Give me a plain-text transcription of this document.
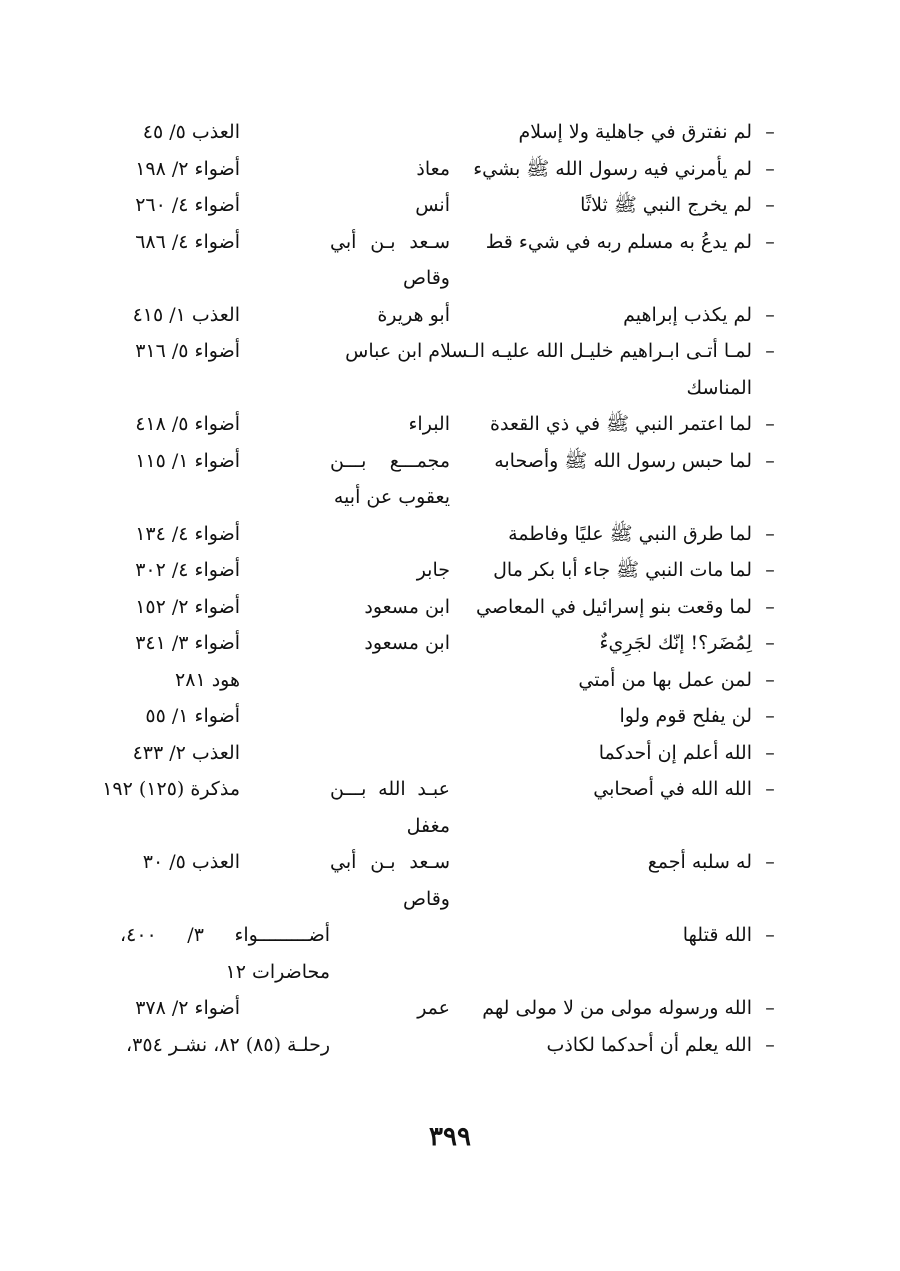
–
لم نفترق في جاهلية ولا إسلام
العذب ٥/ ٤٥
–
لم يأمرني فيه رسول الله ﷺ بشيء
معاذ
أضواء ٢/ ١٩٨
–
لم يخرج النبي ﷺ ثلاثًا
أنس
أضواء ٤/ ٢٦٠
–
لم يدعُ به مسلم ربه في شيء قط
سـعد بـن أبي
أضواء ٤/ ٦٨٦
وقاص
–
لم يكذب إبراهيم
أبو هريرة
العذب ١/ ٤١٥
–
لمـا أتـى ابـراهيم خليـل الله عليـه الـسلام ابن عباس
أضواء ٥/ ٣١٦
المناسك
–
لما اعتمر النبي ﷺ في ذي القعدة
البراء
أضواء ٥/ ٤١٨
–
لما حبس رسول الله ﷺ وأصحابه
مجمـــع بـــن
أضواء ١/ ١١٥
يعقوب عن أبيه
–
لما طرق النبي ﷺ عليًا وفاطمة
أضواء ٤/ ١٣٤
–
لما مات النبي ﷺ جاء أبا بكر مال
جابر
أضواء ٤/ ٣٠٢
–
لما وقعت بنو إسرائيل في المعاصي
ابن مسعود
أضواء ٢/ ١٥٢
–
لِمُضَر؟! إنّك لجَرِيءٌ
ابن مسعود
أضواء ٣/ ٣٤١
–
لمن عمل بها من أمتي
هود ٢٨١
–
لن يفلح قوم ولوا
أضواء ١/ ٥٥
–
الله أعلم إن أحدكما
العذب ٢/ ٤٣٣
–
الله الله في أصحابي
عبـد الله بـــن
مذكرة (١٢٥) ١٩٢
مغفل
–
له سلبه أجمع
سـعد بـن أبي
العذب ٥/ ٣٠
وقاص
–
الله قتلها
أضـــــــــواء ٣/ ٤٠٠،
محاضرات ١٢
–
الله ورسوله مولى من لا مولى لهم
عمر
أضواء ٢/ ٣٧٨
–
الله يعلم أن أحدكما لكاذب
رحلـة (٨٥) ٨٢، نشـر ٣٥٤،
٣٩٩
